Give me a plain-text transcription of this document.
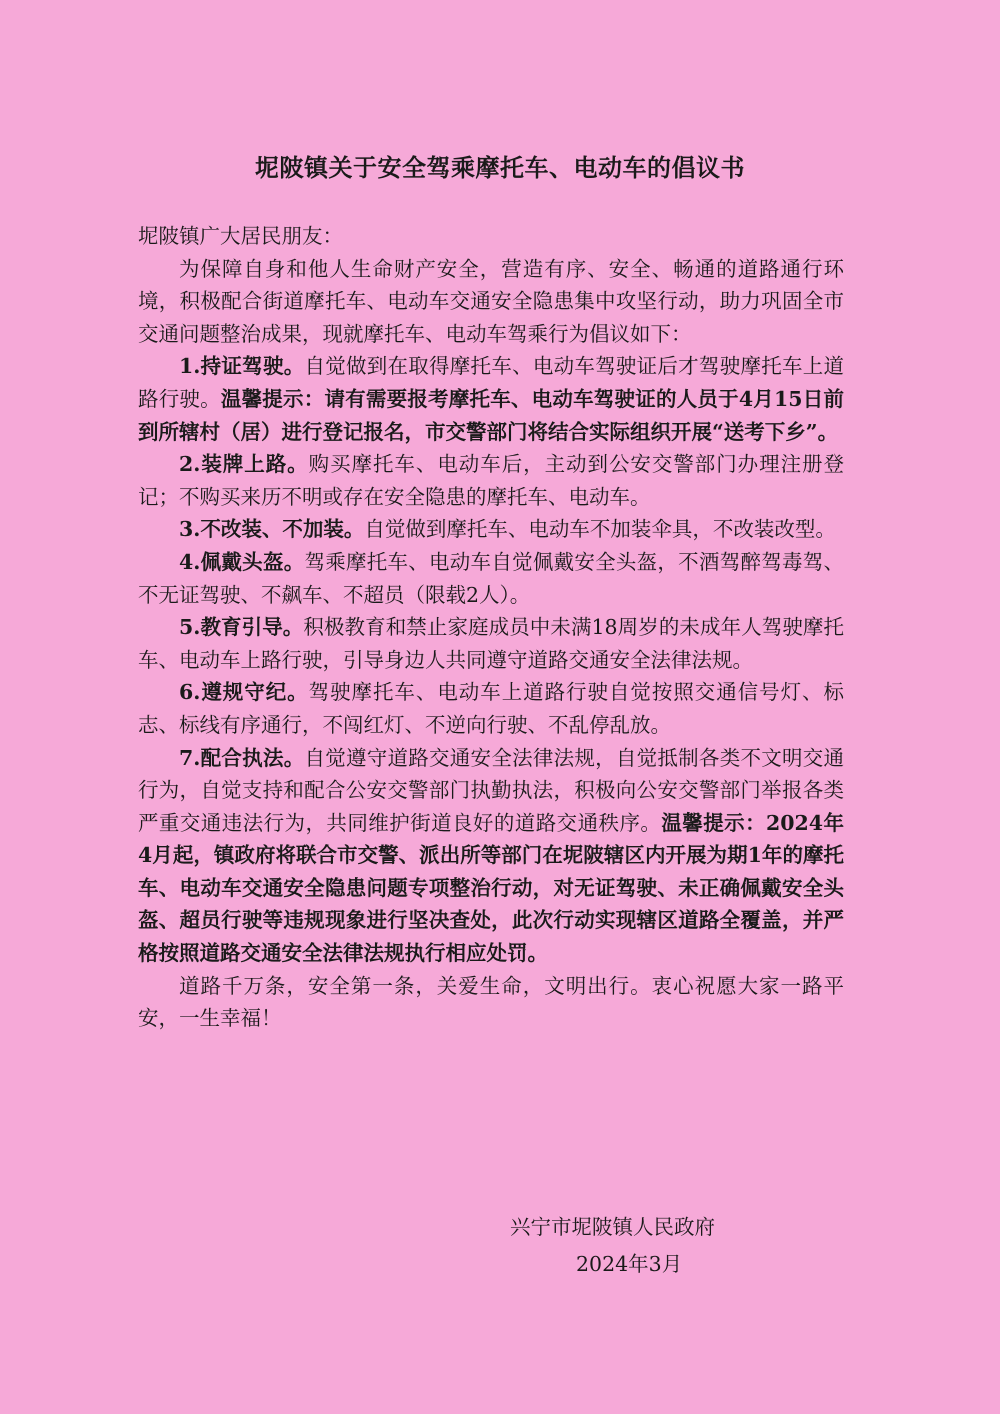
坭陂镇关于安全驾乘摩托车、电动车的倡议书

坭陂镇广大居民朋友：

为保障自身和他人生命财产安全，营造有序、安全、畅通的道路通行环境，积极配合街道摩托车、电动车交通安全隐患集中攻坚行动，助力巩固全市交通问题整治成果，现就摩托车、电动车驾乘行为倡议如下：

1.持证驾驶。自觉做到在取得摩托车、电动车驾驶证后才驾驶摩托车上道路行驶。温馨提示：请有需要报考摩托车、电动车驾驶证的人员于4月15日前到所辖村（居）进行登记报名，市交警部门将结合实际组织开展“送考下乡”。

2.装牌上路。购买摩托车、电动车后，主动到公安交警部门办理注册登记；不购买来历不明或存在安全隐患的摩托车、电动车。

3.不改装、不加装。自觉做到摩托车、电动车不加装伞具，不改装改型。

4.佩戴头盔。驾乘摩托车、电动车自觉佩戴安全头盔，不酒驾醉驾毒驾、不无证驾驶、不飙车、不超员（限载2人）。

5.教育引导。积极教育和禁止家庭成员中未满18周岁的未成年人驾驶摩托车、电动车上路行驶，引导身边人共同遵守道路交通安全法律法规。

6.遵规守纪。驾驶摩托车、电动车上道路行驶自觉按照交通信号灯、标志、标线有序通行，不闯红灯、不逆向行驶、不乱停乱放。

7.配合执法。自觉遵守道路交通安全法律法规，自觉抵制各类不文明交通行为，自觉支持和配合公安交警部门执勤执法，积极向公安交警部门举报各类严重交通违法行为，共同维护街道良好的道路交通秩序。温馨提示：2024年4月起，镇政府将联合市交警、派出所等部门在坭陂辖区内开展为期1年的摩托车、电动车交通安全隐患问题专项整治行动，对无证驾驶、未正确佩戴安全头盔、超员行驶等违规现象进行坚决查处，此次行动实现辖区道路全覆盖，并严格按照道路交通安全法律法规执行相应处罚。

道路千万条，安全第一条，关爱生命，文明出行。衷心祝愿大家一路平安，一生幸福！

兴宁市坭陂镇人民政府
2024年3月
